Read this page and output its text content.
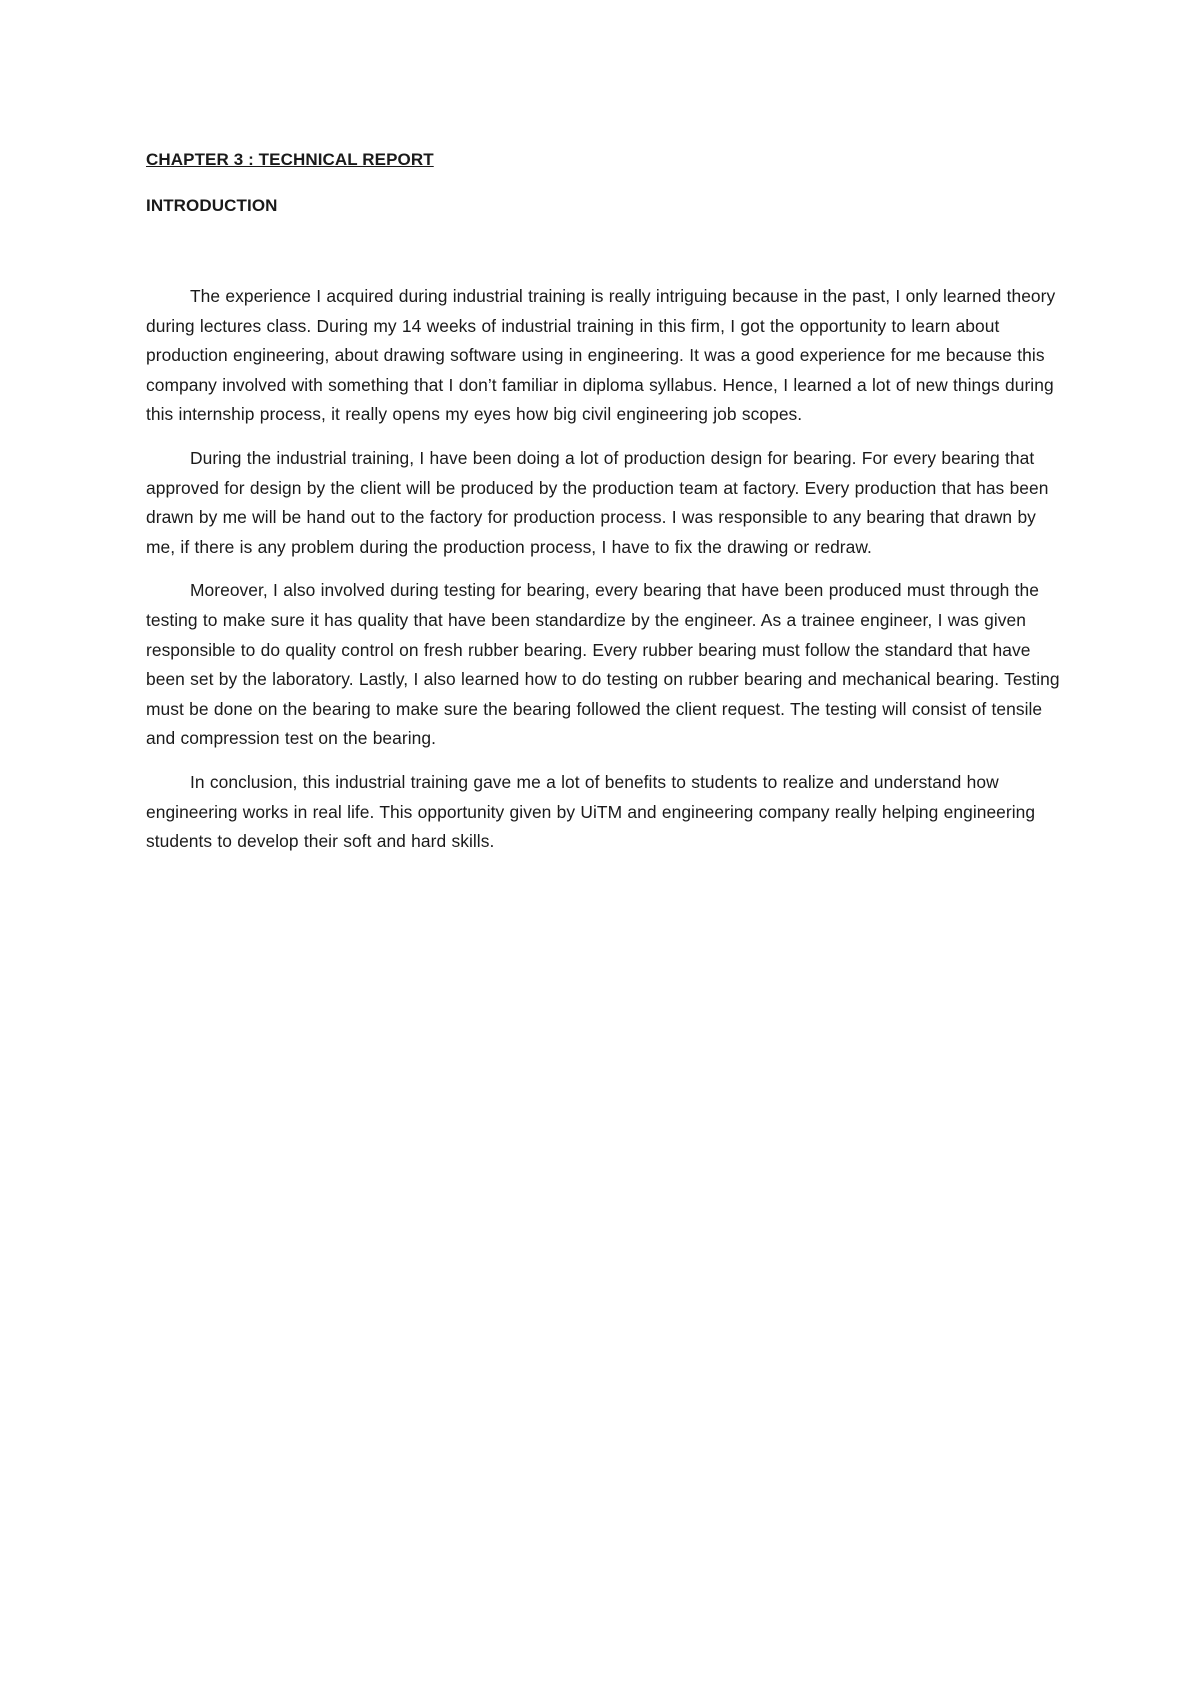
CHAPTER 3 : TECHNICAL REPORT
INTRODUCTION

The experience I acquired during industrial training is really intriguing because in the past, I only learned theory during lectures class. During my 14 weeks of industrial training in this firm, I got the opportunity to learn about production engineering, about drawing software using in engineering. It was a good experience for me because this company involved with something that I don’t familiar in diploma syllabus. Hence, I learned a lot of new things during this internship process, it really opens my eyes how big civil engineering job scopes.

During the industrial training, I have been doing a lot of production design for bearing. For every bearing that approved for design by the client will be produced by the production team at factory. Every production that has been drawn by me will be hand out to the factory for production process. I was responsible to any bearing that drawn by me, if there is any problem during the production process, I have to fix the drawing or redraw.

Moreover, I also involved during testing for bearing, every bearing that have been produced must through the testing to make sure it has quality that have been standardize by the engineer. As a trainee engineer, I was given responsible to do quality control on fresh rubber bearing. Every rubber bearing must follow the standard that have been set by the laboratory. Lastly, I also learned how to do testing on rubber bearing and mechanical bearing. Testing must be done on the bearing to make sure the bearing followed the client request. The testing will consist of tensile and compression test on the bearing.

In conclusion, this industrial training gave me a lot of benefits to students to realize and understand how engineering works in real life. This opportunity given by UiTM and engineering company really helping engineering students to develop their soft and hard skills.
